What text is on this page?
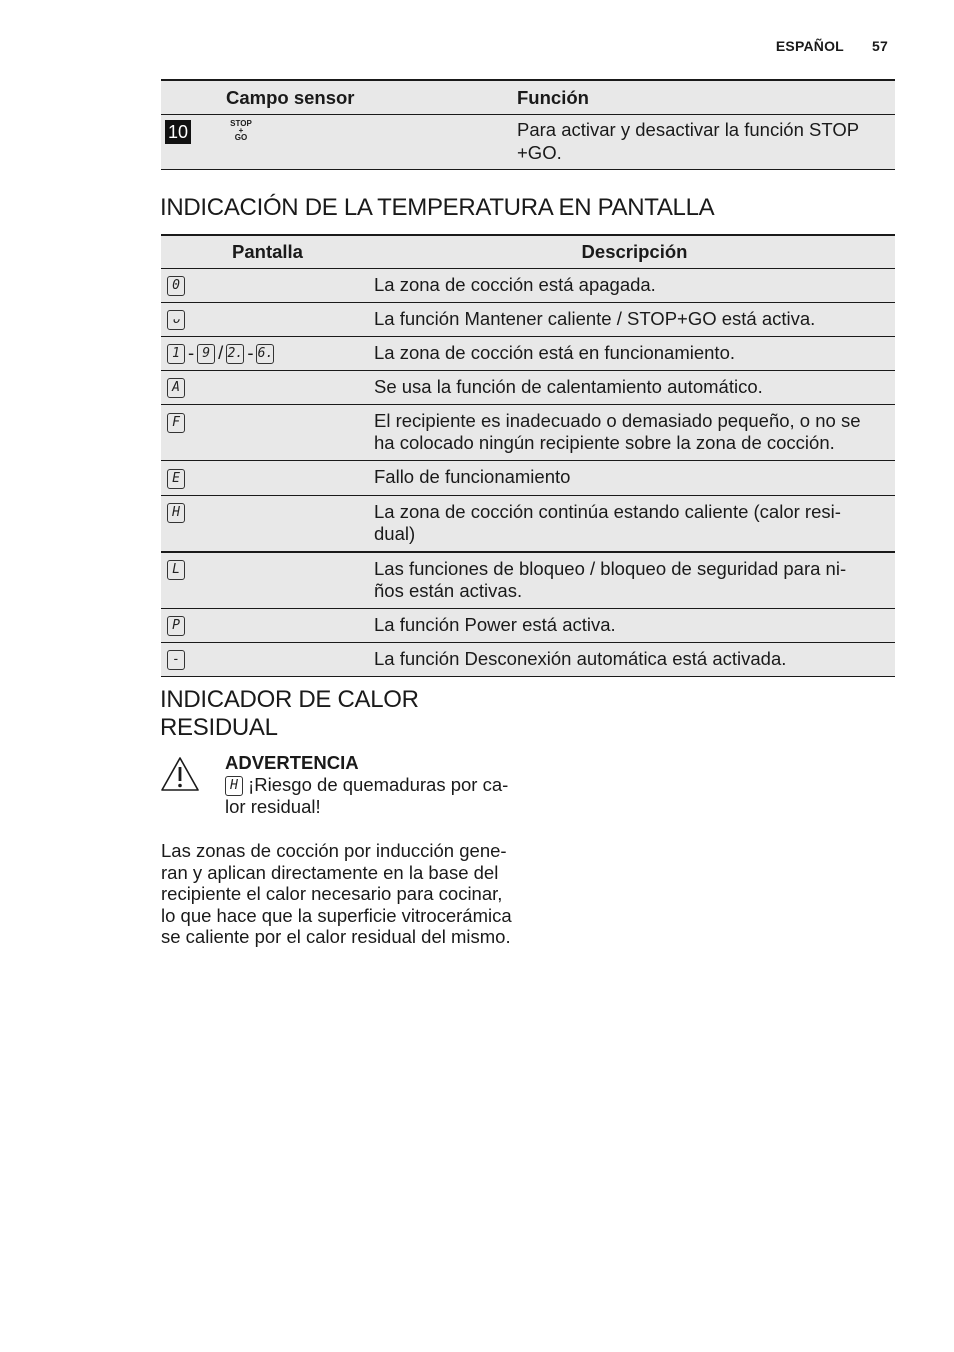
ESPAÑOL 57
	Campo sensor	Función
10	STOP
+
GO	Para activar y desactivar la función STOP +GO.
INDICACIÓN DE LA TEMPERATURA EN PANTALLA
Pantalla	Descripción
0	La zona de cocción está apagada.
ᴗ	La función Mantener caliente / STOP+GO está activa.
1 - 9 / 2. - 6.	La zona de cocción está en funcionamiento.
A	Se usa la función de calentamiento automático.
F	El recipiente es inadecuado o demasiado pequeño, o no se ha colocado ningún recipiente sobre la zona de cocción.
E	Fallo de funcionamiento
H	La zona de cocción continúa estando caliente (calor resi-dual)
L	Las funciones de bloqueo / bloqueo de seguridad para ni-ños están activas.
P	La función Power está activa.
-	La función Desconexión automática está activada.
INDICADOR DE CALOR
RESIDUAL
ADVERTENCIA
H ¡Riesgo de quemaduras por ca-
lor residual!
Las zonas de cocción por inducción gene-
ran y aplican directamente en la base del
recipiente el calor necesario para cocinar,
lo que hace que la superficie vitrocerámica
se caliente por el calor residual del mismo.
